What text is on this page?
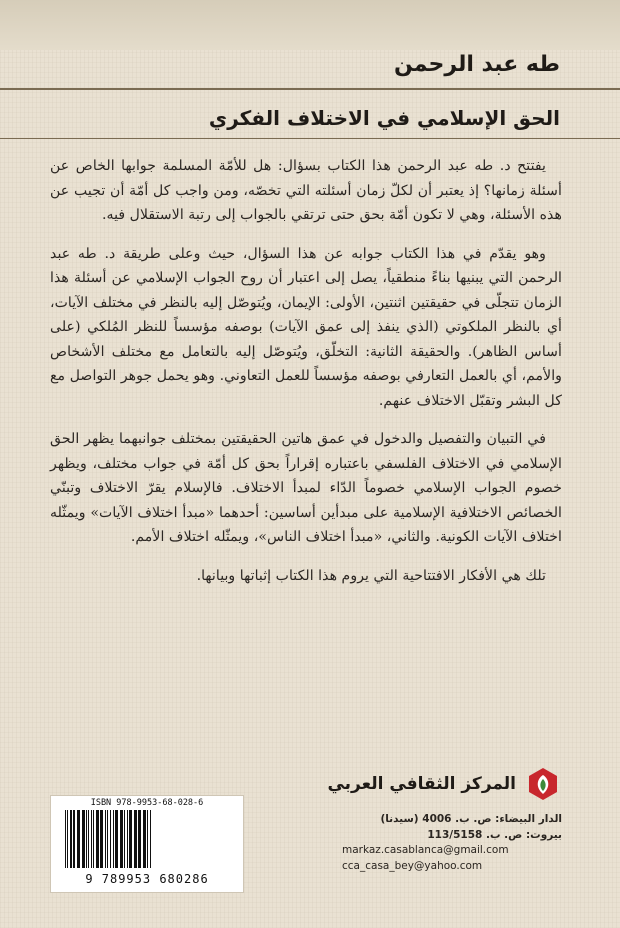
طه عبد الرحمن
الحق الإسلامي في الاختلاف الفكري

يفتتح د. طه عبد الرحمن هذا الكتاب بسؤال: هل للأمّة المسلمة جوابها الخاص عن أسئلة زمانها؟ إذ يعتبر أن لكلّ زمان أسئلته التي تخصّه، ومن واجب كل أمّة أن تجيب عن هذه الأسئلة، وهي لا تكون أمّة بحق حتى ترتقي بالجواب إلى رتبة الاستقلال فيه.

وهو يقدّم في هذا الكتاب جوابه عن هذا السؤال، حيث وعلى طريقة د. طه عبد الرحمن التي يبنيها بناءً منطقياً، يصل إلى اعتبار أن روح الجواب الإسلامي عن أسئلة هذا الزمان تتجلّى في حقيقتين اثنتين، الأولى: الإيمان، ويُتوصّل إليه بالنظر في مختلف الآيات، أي بالنظر الملكوتي (الذي ينفذ إلى عمق الآيات) بوصفه مؤسساً للنظر المُلكي (على أساس الظاهر). والحقيقة الثانية: التخلّق، ويُتوصّل إليه بالتعامل مع مختلف الأشخاص والأمم، أي بالعمل التعارفي بوصفه مؤسساً للعمل التعاوني. وهو يحمل جوهر التواصل مع كل البشر وتقبّل الاختلاف عنهم.

في التبيان والتفصيل والدخول في عمق هاتين الحقيقتين بمختلف جوانبهما يظهر الحق الإسلامي في الاختلاف الفلسفي باعتباره إقراراً بحق كل أمّة في جواب مختلف، ويظهر خصوم الجواب الإسلامي خصوماً الدّاء لمبدأ الاختلاف. فالإسلام يقرّ الاختلاف وتبنّي الخصائص الاختلافية الإسلامية على مبدأين أساسين: أحدهما «مبدأ اختلاف الآيات» ويمثّله اختلاف الآيات الكونية. والثاني، «مبدأ اختلاف الناس»، ويمثّله اختلاف الأمم.

تلك هي الأفكار الافتتاحية التي يروم هذا الكتاب إثباتها وبيانها.

ISBN 978-9953-68-028-6
9 789953 680286
المركز الثقافي العربي
الدار البيضاء: ص. ب. 4006 (سيدنا)
بيروت: ص. ب. 113/5158
markaz.casablanca@gmail.com
cca_casa_bey@yahoo.com
